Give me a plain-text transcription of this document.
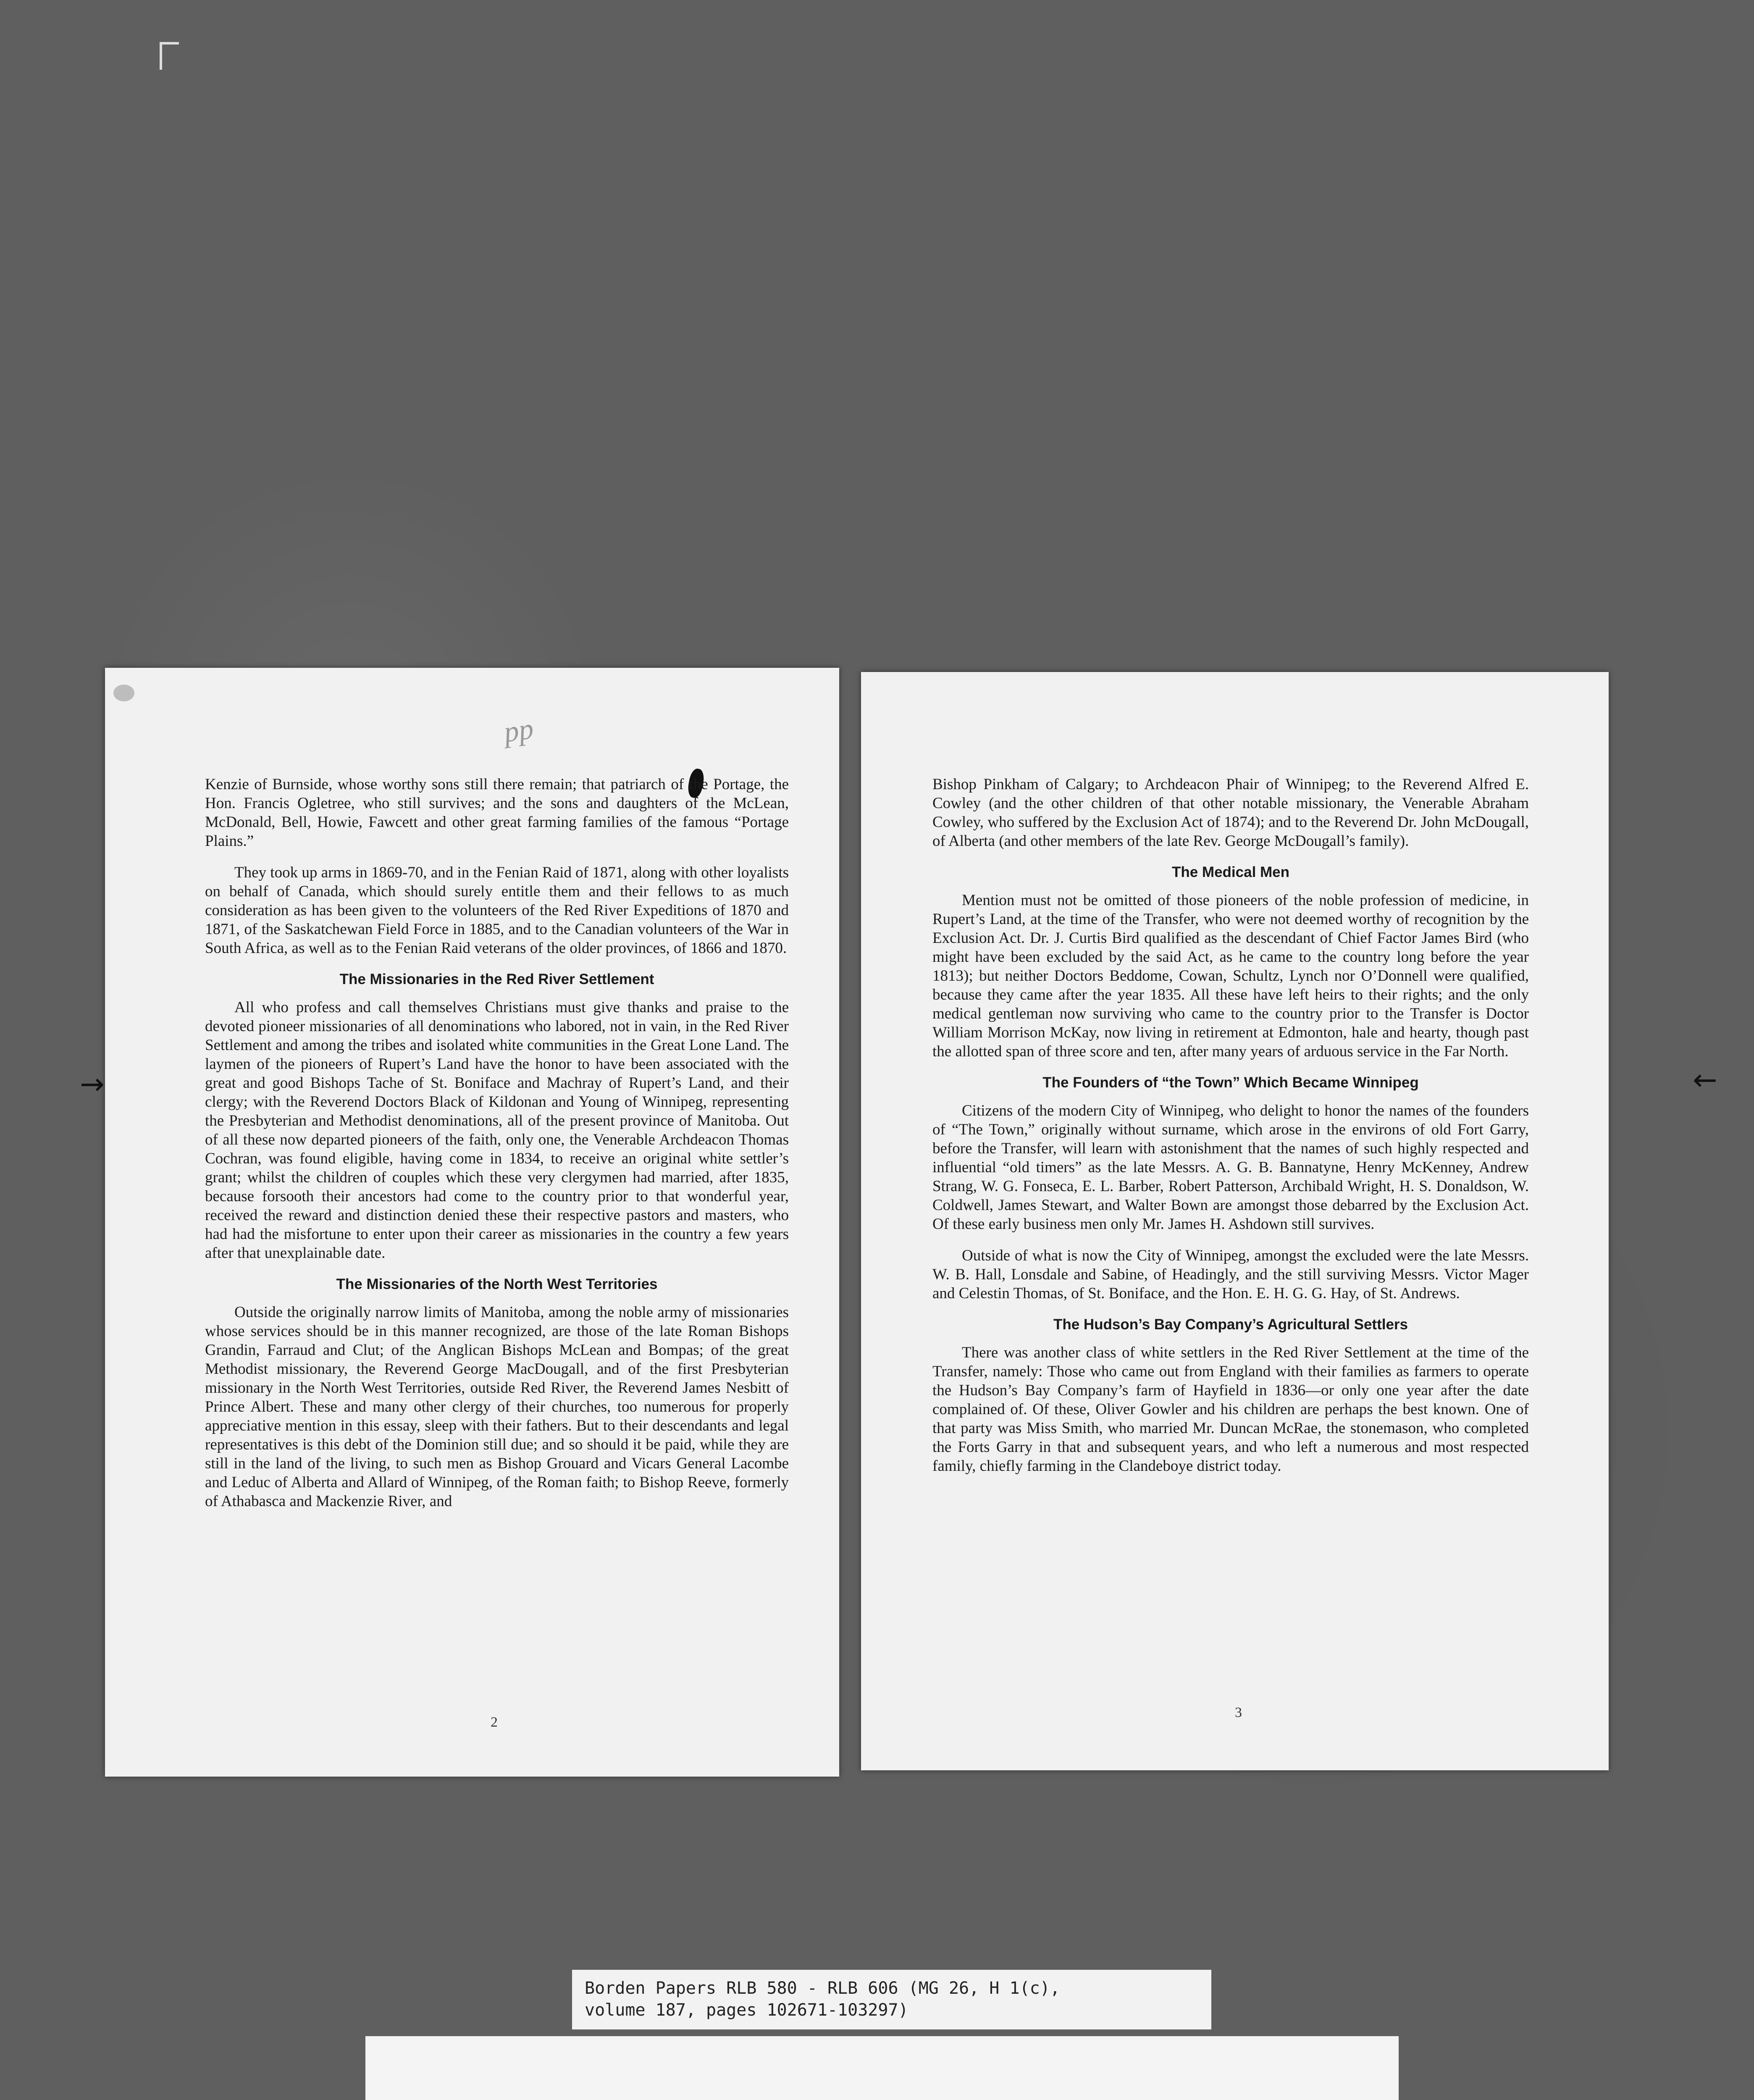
→	←
pp

Kenzie of Burnside, whose worthy sons still there remain; that patriarch of the Portage, the Hon. Francis Ogletree, who still survives; and the sons and daughters of the McLean, McDonald, Bell, Howie, Fawcett and other great farming families of the famous “Portage Plains.”

They took up arms in 1869-70, and in the Fenian Raid of 1871, along with other loyalists on behalf of Canada, which should surely entitle them and their fellows to as much consideration as has been given to the volunteers of the Red River Expeditions of 1870 and 1871, of the Saskatchewan Field Force in 1885, and to the Canadian volunteers of the War in South Africa, as well as to the Fenian Raid veterans of the older provinces, of 1866 and 1870.

The Missionaries in the Red River Settlement

All who profess and call themselves Christians must give thanks and praise to the devoted pioneer missionaries of all denominations who labored, not in vain, in the Red River Settlement and among the tribes and isolated white communities in the Great Lone Land. The laymen of the pioneers of Rupert’s Land have the honor to have been associated with the great and good Bishops Tache of St. Boniface and Machray of Rupert’s Land, and their clergy; with the Reverend Doctors Black of Kildonan and Young of Winnipeg, representing the Presbyterian and Methodist denominations, all of the present province of Manitoba. Out of all these now departed pioneers of the faith, only one, the Venerable Archdeacon Thomas Cochran, was found eligible, having come in 1834, to receive an original white settler’s grant; whilst the children of couples which these very clergymen had married, after 1835, because forsooth their ancestors had come to the country prior to that wonderful year, received the reward and distinction denied these their respective pastors and masters, who had had the misfortune to enter upon their career as missionaries in the country a few years after that unexplainable date.

The Missionaries of the North West Territories

Outside the originally narrow limits of Manitoba, among the noble army of missionaries whose services should be in this manner recognized, are those of the late Roman Bishops Grandin, Farraud and Clut; of the Anglican Bishops McLean and Bompas; of the great Methodist missionary, the Reverend George MacDougall, and of the first Presbyterian missionary in the North West Territories, outside Red River, the Reverend James Nesbitt of Prince Albert. These and many other clergy of their churches, too numerous for properly appreciative mention in this essay, sleep with their fathers. But to their descendants and legal representatives is this debt of the Dominion still due; and so should it be paid, while they are still in the land of the living, to such men as Bishop Grouard and Vicars General Lacombe and Leduc of Alberta and Allard of Winnipeg, of the Roman faith; to Bishop Reeve, formerly of Athabasca and Mackenzie River, and

2

Bishop Pinkham of Calgary; to Archdeacon Phair of Winnipeg; to the Reverend Alfred E. Cowley (and the other children of that other notable missionary, the Venerable Abraham Cowley, who suffered by the Exclusion Act of 1874); and to the Reverend Dr. John McDougall, of Alberta (and other members of the late Rev. George McDougall’s family).

The Medical Men

Mention must not be omitted of those pioneers of the noble profession of medicine, in Rupert’s Land, at the time of the Transfer, who were not deemed worthy of recognition by the Exclusion Act. Dr. J. Curtis Bird qualified as the descendant of Chief Factor James Bird (who might have been excluded by the said Act, as he came to the country long before the year 1813); but neither Doctors Beddome, Cowan, Schultz, Lynch nor O’Donnell were qualified, because they came after the year 1835. All these have left heirs to their rights; and the only medical gentleman now surviving who came to the country prior to the Transfer is Doctor William Morrison McKay, now living in retirement at Edmonton, hale and hearty, though past the allotted span of three score and ten, after many years of arduous service in the Far North.

The Founders of “the Town” Which Became Winnipeg

Citizens of the modern City of Winnipeg, who delight to honor the names of the founders of “The Town,” originally without surname, which arose in the environs of old Fort Garry, before the Transfer, will learn with astonishment that the names of such highly respected and influential “old timers” as the late Messrs. A. G. B. Bannatyne, Henry McKenney, Andrew Strang, W. G. Fonseca, E. L. Barber, Robert Patterson, Archibald Wright, H. S. Donaldson, W. Coldwell, James Stewart, and Walter Bown are amongst those debarred by the Exclusion Act. Of these early business men only Mr. James H. Ashdown still survives.

Outside of what is now the City of Winnipeg, amongst the excluded were the late Messrs. W. B. Hall, Lonsdale and Sabine, of Headingly, and the still surviving Messrs. Victor Mager and Celestin Thomas, of St. Boniface, and the Hon. E. H. G. G. Hay, of St. Andrews.

The Hudson’s Bay Company’s Agricultural Settlers

There was another class of white settlers in the Red River Settlement at the time of the Transfer, namely: Those who came out from England with their families as farmers to operate the Hudson’s Bay Company’s farm of Hayfield in 1836—or only one year after the date complained of. Of these, Oliver Gowler and his children are perhaps the best known. One of that party was Miss Smith, who married Mr. Duncan McRae, the stonemason, who completed the Forts Garry in that and subsequent years, and who left a numerous and most respected family, chiefly farming in the Clandeboye district today.

3
Borden Papers RLB 580 - RLB 606 (MG 26, H 1(c),
volume 187, pages 102671-103297)
